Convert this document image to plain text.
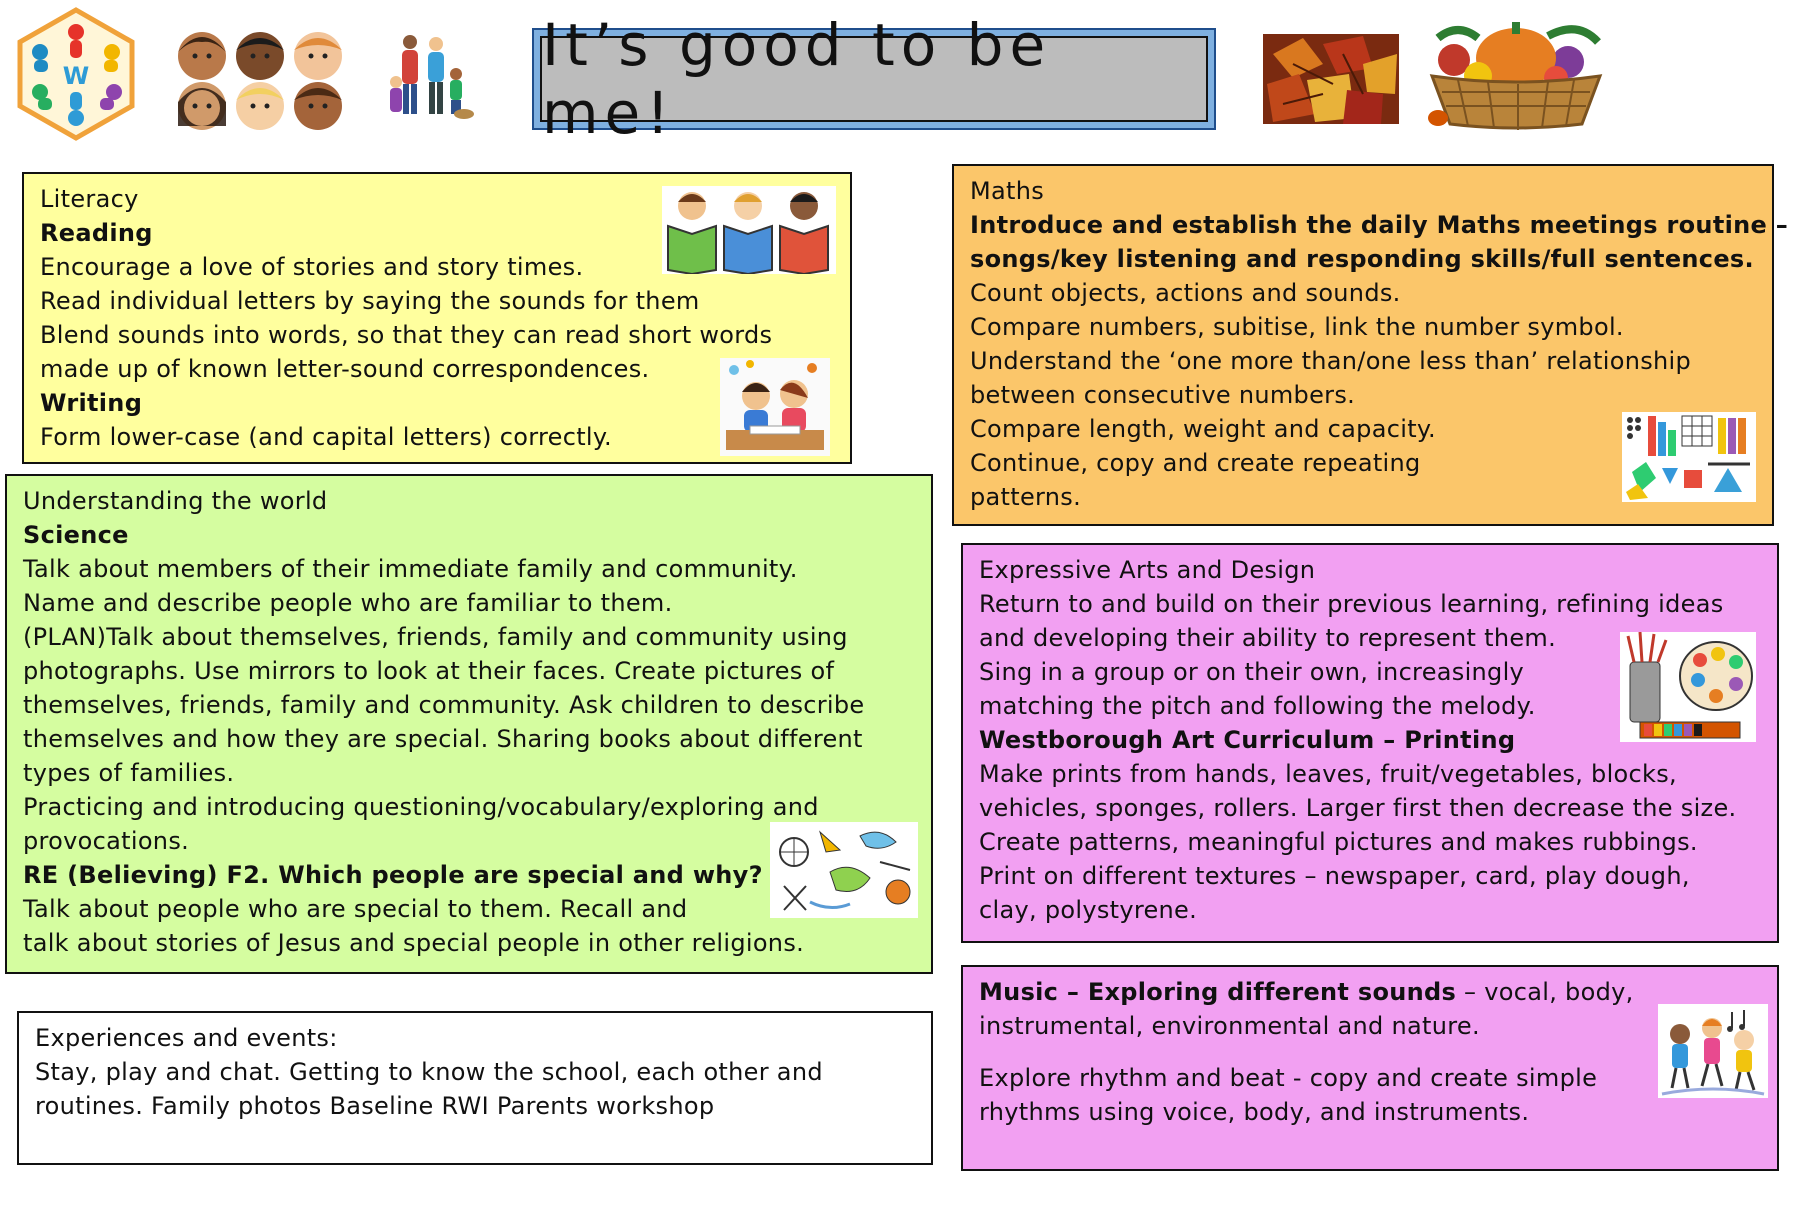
W	It’s good to be me!
Literacy
Reading
Encourage a love of stories and story times.
Read individual letters by saying the sounds for them
Blend sounds into words, so that they can read short words
made up of known letter-sound correspondences.
Writing
Form lower-case (and capital letters) correctly.
Understanding the world
Science
Talk about members of their immediate family and community.
Name and describe people who are familiar to them.
(PLAN)Talk about themselves, friends, family and community using
photographs. Use mirrors to look at their faces. Create pictures of
themselves, friends, family and community. Ask children to describe
themselves and how they are special. Sharing books about different
types of families.
Practicing and introducing questioning/vocabulary/exploring and
provocations.
RE (Believing) F2. Which people are special and why?
Talk about people who are special to them. Recall and
talk about stories of Jesus and special people in other religions.
Experiences and events:
Stay, play and chat. Getting to know the school, each other and
routines. Family photos Baseline RWI Parents workshop
Maths
Introduce and establish the daily Maths meetings routine –
songs/key listening and responding skills/full sentences.
Count objects, actions and sounds.
Compare numbers, subitise, link the number symbol.
Understand the ‘one more than/one less than’ relationship
between consecutive numbers.
Compare length, weight and capacity.
Continue, copy and create repeating
patterns.
Expressive Arts and Design
Return to and build on their previous learning, refining ideas
and developing their ability to represent them.
Sing in a group or on their own, increasingly
matching the pitch and following the melody.
Westborough Art Curriculum – Printing
Make prints from hands, leaves, fruit/vegetables, blocks,
vehicles, sponges, rollers. Larger first then decrease the size.
Create patterns, meaningful pictures and makes rubbings.
Print on different textures – newspaper, card, play dough,
clay, polystyrene.
Music – Exploring different sounds – vocal, body,
instrumental, environmental and nature.
Explore rhythm and beat - copy and create simple
rhythms using voice, body, and instruments.
